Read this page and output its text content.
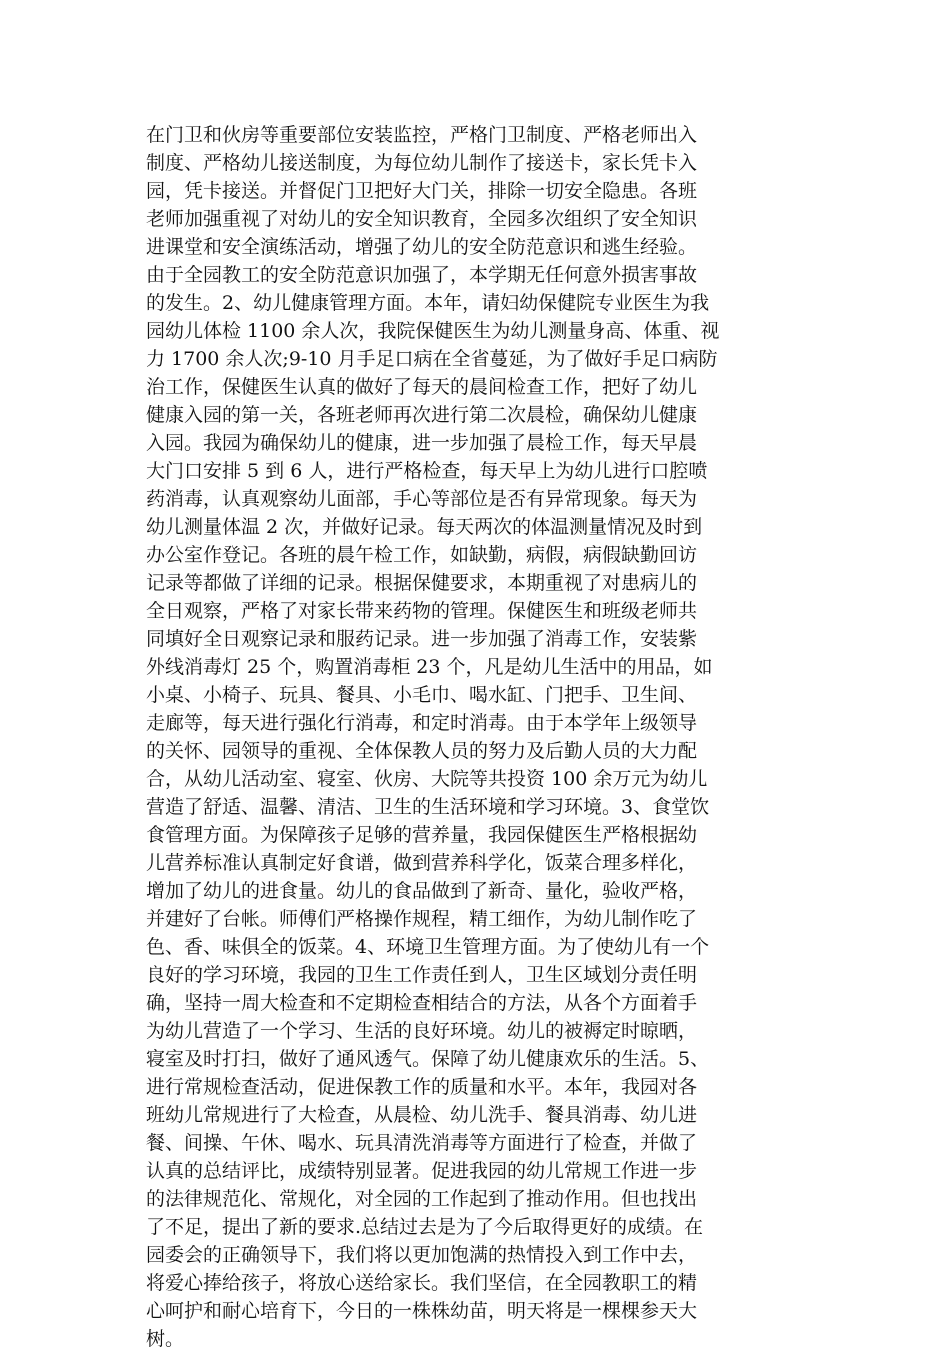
在门卫和伙房等重要部位安装监控，严格门卫制度、严格老师出入
制度、严格幼儿接送制度，为每位幼儿制作了接送卡，家长凭卡入
园，凭卡接送。并督促门卫把好大门关，排除一切安全隐患。各班
老师加强重视了对幼儿的安全知识教育，全园多次组织了安全知识
进课堂和安全演练活动，增强了幼儿的安全防范意识和逃生经验。
由于全园教工的安全防范意识加强了，本学期无任何意外损害事故
的发生。2、幼儿健康管理方面。本年，请妇幼保健院专业医生为我
园幼儿体检 1100 余人次，我院保健医生为幼儿测量身高、体重、视
力 1700 余人次;9-10 月手足口病在全省蔓延，为了做好手足口病防
治工作，保健医生认真的做好了每天的晨间检查工作，把好了幼儿
健康入园的第一关，各班老师再次进行第二次晨检，确保幼儿健康
入园。我园为确保幼儿的健康，进一步加强了晨检工作，每天早晨
大门口安排 5 到 6 人，进行严格检查，每天早上为幼儿进行口腔喷
药消毒，认真观察幼儿面部，手心等部位是否有异常现象。每天为
幼儿测量体温 2 次，并做好记录。每天两次的体温测量情况及时到
办公室作登记。各班的晨午检工作，如缺勤，病假，病假缺勤回访
记录等都做了详细的记录。根据保健要求，本期重视了对患病儿的
全日观察，严格了对家长带来药物的管理。保健医生和班级老师共
同填好全日观察记录和服药记录。进一步加强了消毒工作，安装紫
外线消毒灯 25 个，购置消毒柜 23 个，凡是幼儿生活中的用品，如
小桌、小椅子、玩具、餐具、小毛巾、喝水缸、门把手、卫生间、
走廊等，每天进行强化行消毒，和定时消毒。由于本学年上级领导
的关怀、园领导的重视、全体保教人员的努力及后勤人员的大力配
合，从幼儿活动室、寝室、伙房、大院等共投资 100 余万元为幼儿
营造了舒适、温馨、清洁、卫生的生活环境和学习环境。3、食堂饮
食管理方面。为保障孩子足够的营养量，我园保健医生严格根据幼
儿营养标准认真制定好食谱，做到营养科学化，饭菜合理多样化，
增加了幼儿的进食量。幼儿的食品做到了新奇、量化，验收严格，
并建好了台帐。师傅们严格操作规程，精工细作，为幼儿制作吃了
色、香、味俱全的饭菜。4、环境卫生管理方面。为了使幼儿有一个
良好的学习环境，我园的卫生工作责任到人，卫生区域划分责任明
确，坚持一周大检查和不定期检查相结合的方法，从各个方面着手
为幼儿营造了一个学习、生活的良好环境。幼儿的被褥定时晾晒，
寝室及时打扫，做好了通风透气。保障了幼儿健康欢乐的生活。5、
进行常规检查活动，促进保教工作的质量和水平。本年，我园对各
班幼儿常规进行了大检查，从晨检、幼儿洗手、餐具消毒、幼儿进
餐、间操、午休、喝水、玩具清洗消毒等方面进行了检查，并做了
认真的总结评比，成绩特别显著。促进我园的幼儿常规工作进一步
的法律规范化、常规化，对全园的工作起到了推动作用。但也找出
了不足，提出了新的要求.总结过去是为了今后取得更好的成绩。在
园委会的正确领导下，我们将以更加饱满的热情投入到工作中去，
将爱心捧给孩子，将放心送给家长。我们坚信，在全园教职工的精
心呵护和耐心培育下，今日的一株株幼苗，明天将是一棵棵参天大
树。
